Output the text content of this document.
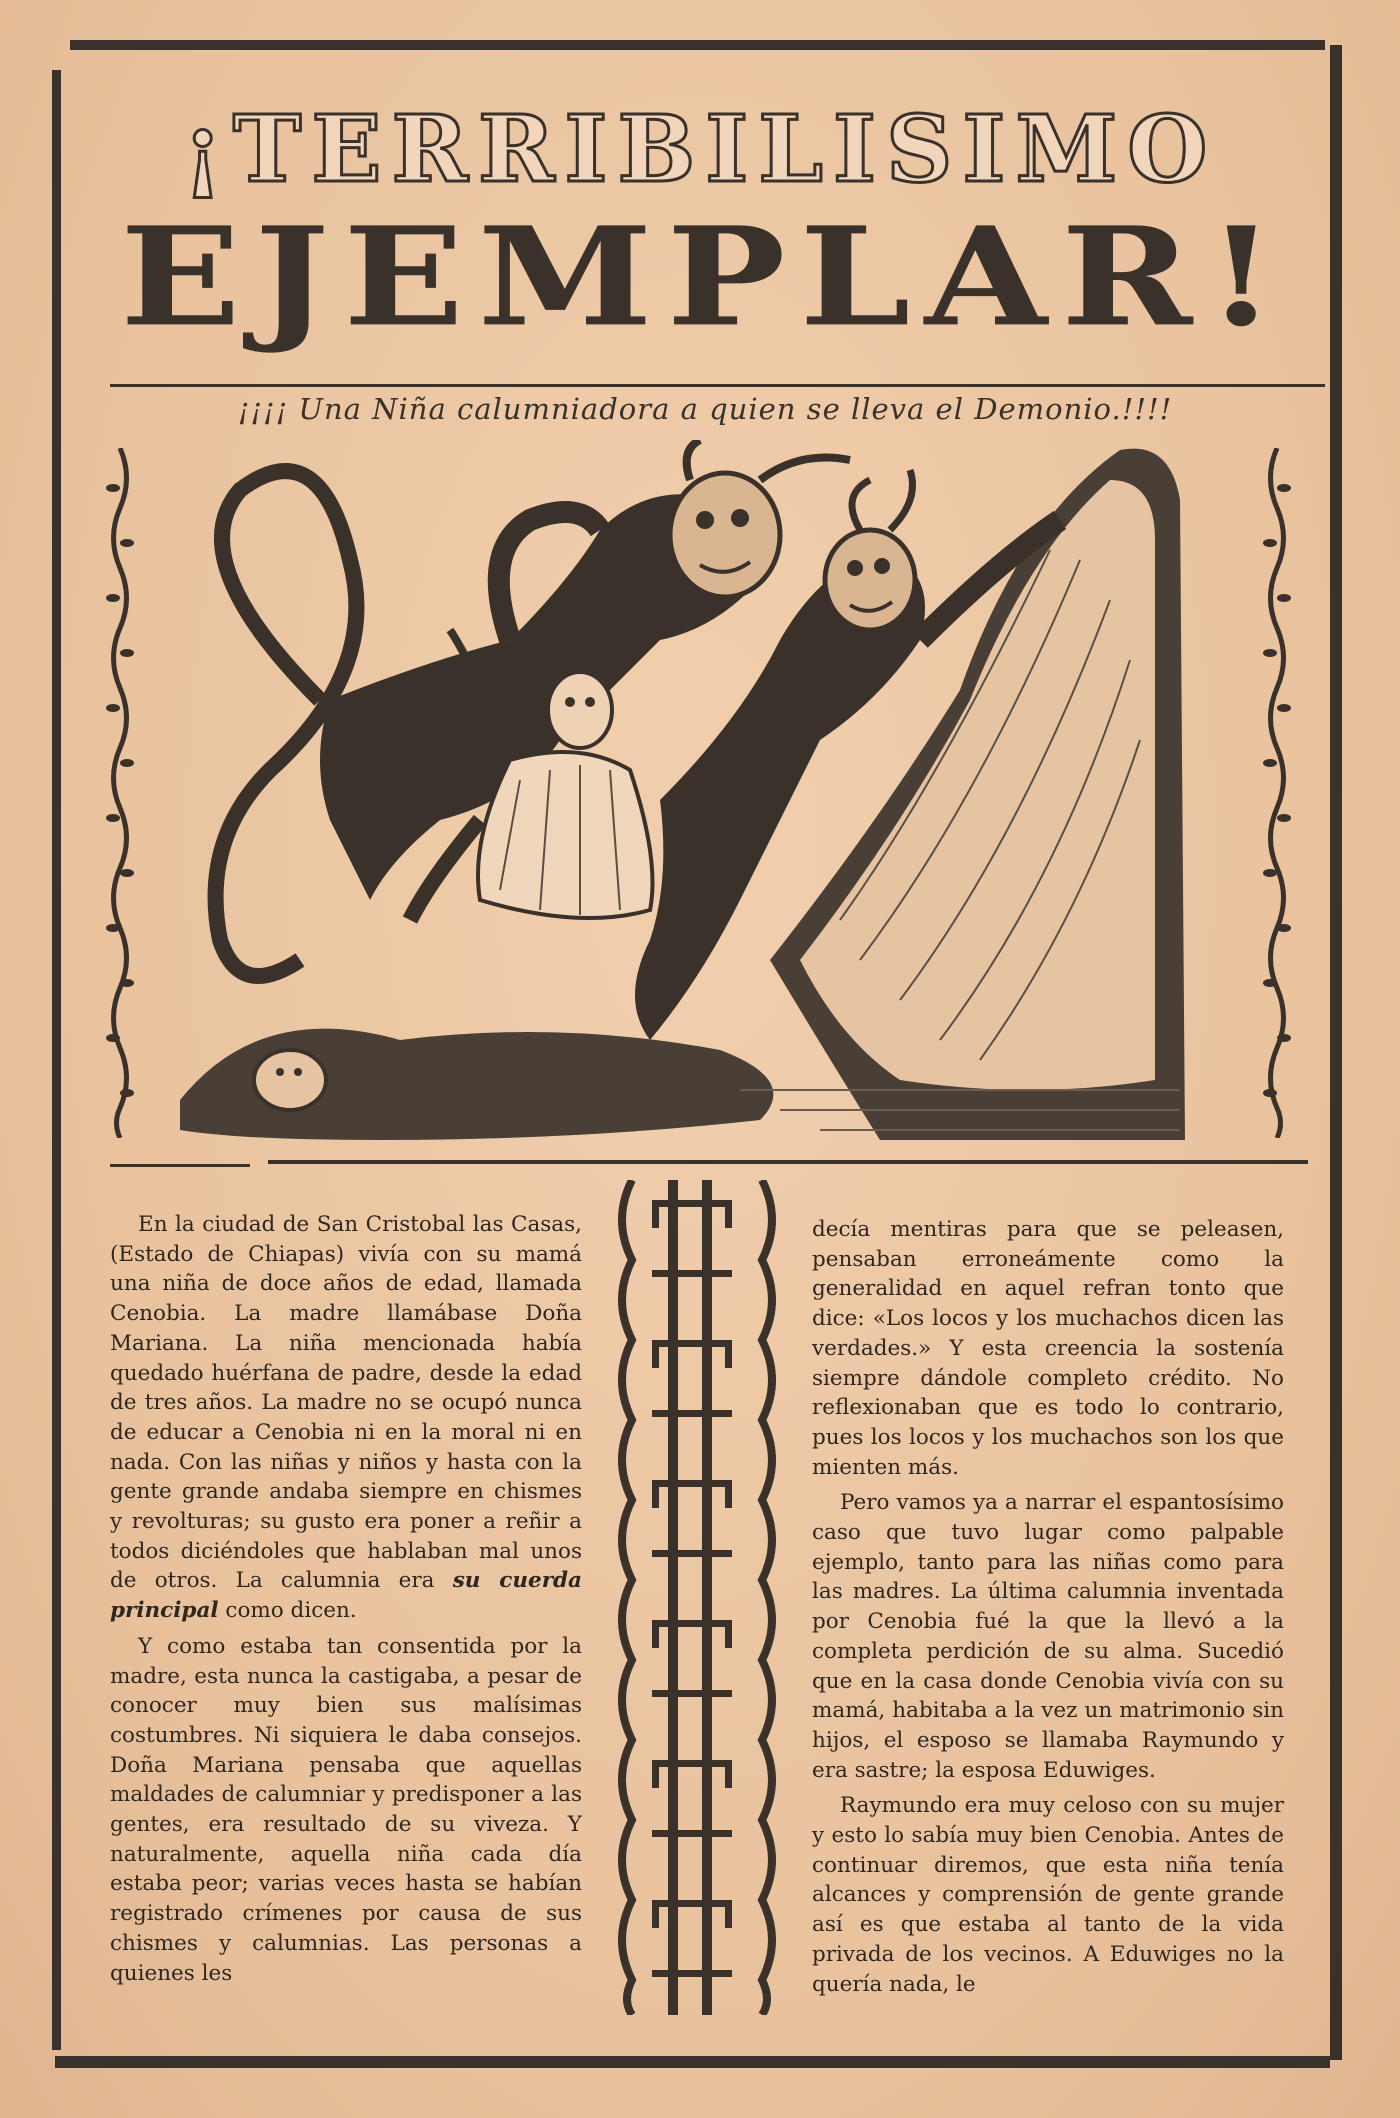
¡TERRIBILISIMO
EJEMPLAR!
¡¡¡¡ Una Niña calumniadora a quien se lleva el Demonio.!!!!

En la ciudad de San Cristobal las Casas, (Estado de Chiapas) vivía con su mamá una niña de doce años de edad, llamada Cenobia. La madre llamábase Doña Mariana. La niña mencionada había quedado huérfana de padre, desde la edad de tres años. La madre no se ocupó nunca de educar a Cenobia ni en la moral ni en nada. Con las niñas y niños y hasta con la gente grande andaba siempre en chismes y revolturas; su gusto era poner a reñir a todos diciéndoles que hablaban mal unos de otros. La calumnia era su cuerda principal como dicen.

Y como estaba tan consentida por la madre, esta nunca la castigaba, a pesar de conocer muy bien sus malísimas costumbres. Ni siquiera le daba consejos. Doña Mariana pensaba que aquellas maldades de calumniar y predisponer a las gentes, era resultado de su viveza. Y naturalmente, aquella niña cada día estaba peor; varias veces hasta se habían registrado crímenes por causa de sus chismes y calumnias. Las personas a quienes les

decía mentiras para que se peleasen, pensaban erroneámente como la generalidad en aquel refran tonto que dice: «Los locos y los muchachos dicen las verdades.» Y esta creencia la sostenía siempre dándole completo crédito. No reflexionaban que es todo lo contrario, pues los locos y los muchachos son los que mienten más.

Pero vamos ya a narrar el espantosísimo caso que tuvo lugar como palpable ejemplo, tanto para las niñas como para las madres. La última calumnia inventada por Cenobia fué la que la llevó a la completa perdición de su alma. Sucedió que en la casa donde Cenobia vivía con su mamá, habitaba a la vez un matrimonio sin hijos, el esposo se llamaba Raymundo y era sastre; la esposa Eduwiges.

Raymundo era muy celoso con su mujer y esto lo sabía muy bien Cenobia. Antes de continuar diremos, que esta niña tenía alcances y comprensión de gente grande así es que estaba al tanto de la vida privada de los vecinos. A Eduwiges no la quería nada, le
